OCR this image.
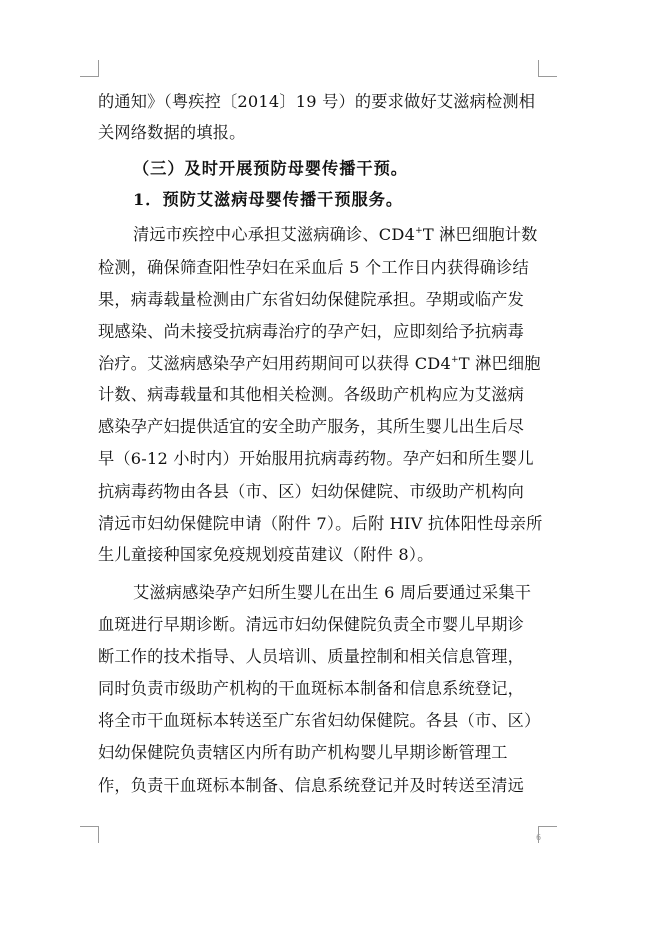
的通知》（粤疾控〔2014〕19 号）的要求做好艾滋病检测相
关网络数据的填报。
（三）及时开展预防母婴传播干预。
1．预防艾滋病母婴传播干预服务。
清远市疾控中心承担艾滋病确诊、CD4+T 淋巴细胞计数
检测，确保筛查阳性孕妇在采血后 5 个工作日内获得确诊结
果，病毒载量检测由广东省妇幼保健院承担。孕期或临产发
现感染、尚未接受抗病毒治疗的孕产妇，应即刻给予抗病毒
治疗。艾滋病感染孕产妇用药期间可以获得 CD4+T 淋巴细胞
计数、病毒载量和其他相关检测。各级助产机构应为艾滋病
感染孕产妇提供适宜的安全助产服务，其所生婴儿出生后尽
早（6-12 小时内）开始服用抗病毒药物。孕产妇和所生婴儿
抗病毒药物由各县（市、区）妇幼保健院、市级助产机构向
清远市妇幼保健院申请（附件 7）。后附 HIV 抗体阳性母亲所
生儿童接种国家免疫规划疫苗建议（附件 8）。
艾滋病感染孕产妇所生婴儿在出生 6 周后要通过采集干
血斑进行早期诊断。清远市妇幼保健院负责全市婴儿早期诊
断工作的技术指导、人员培训、质量控制和相关信息管理，
同时负责市级助产机构的干血斑标本制备和信息系统登记，
将全市干血斑标本转送至广东省妇幼保健院。各县（市、区）
妇幼保健院负责辖区内所有助产机构婴儿早期诊断管理工
作，负责干血斑标本制备、信息系统登记并及时转送至清远
6
